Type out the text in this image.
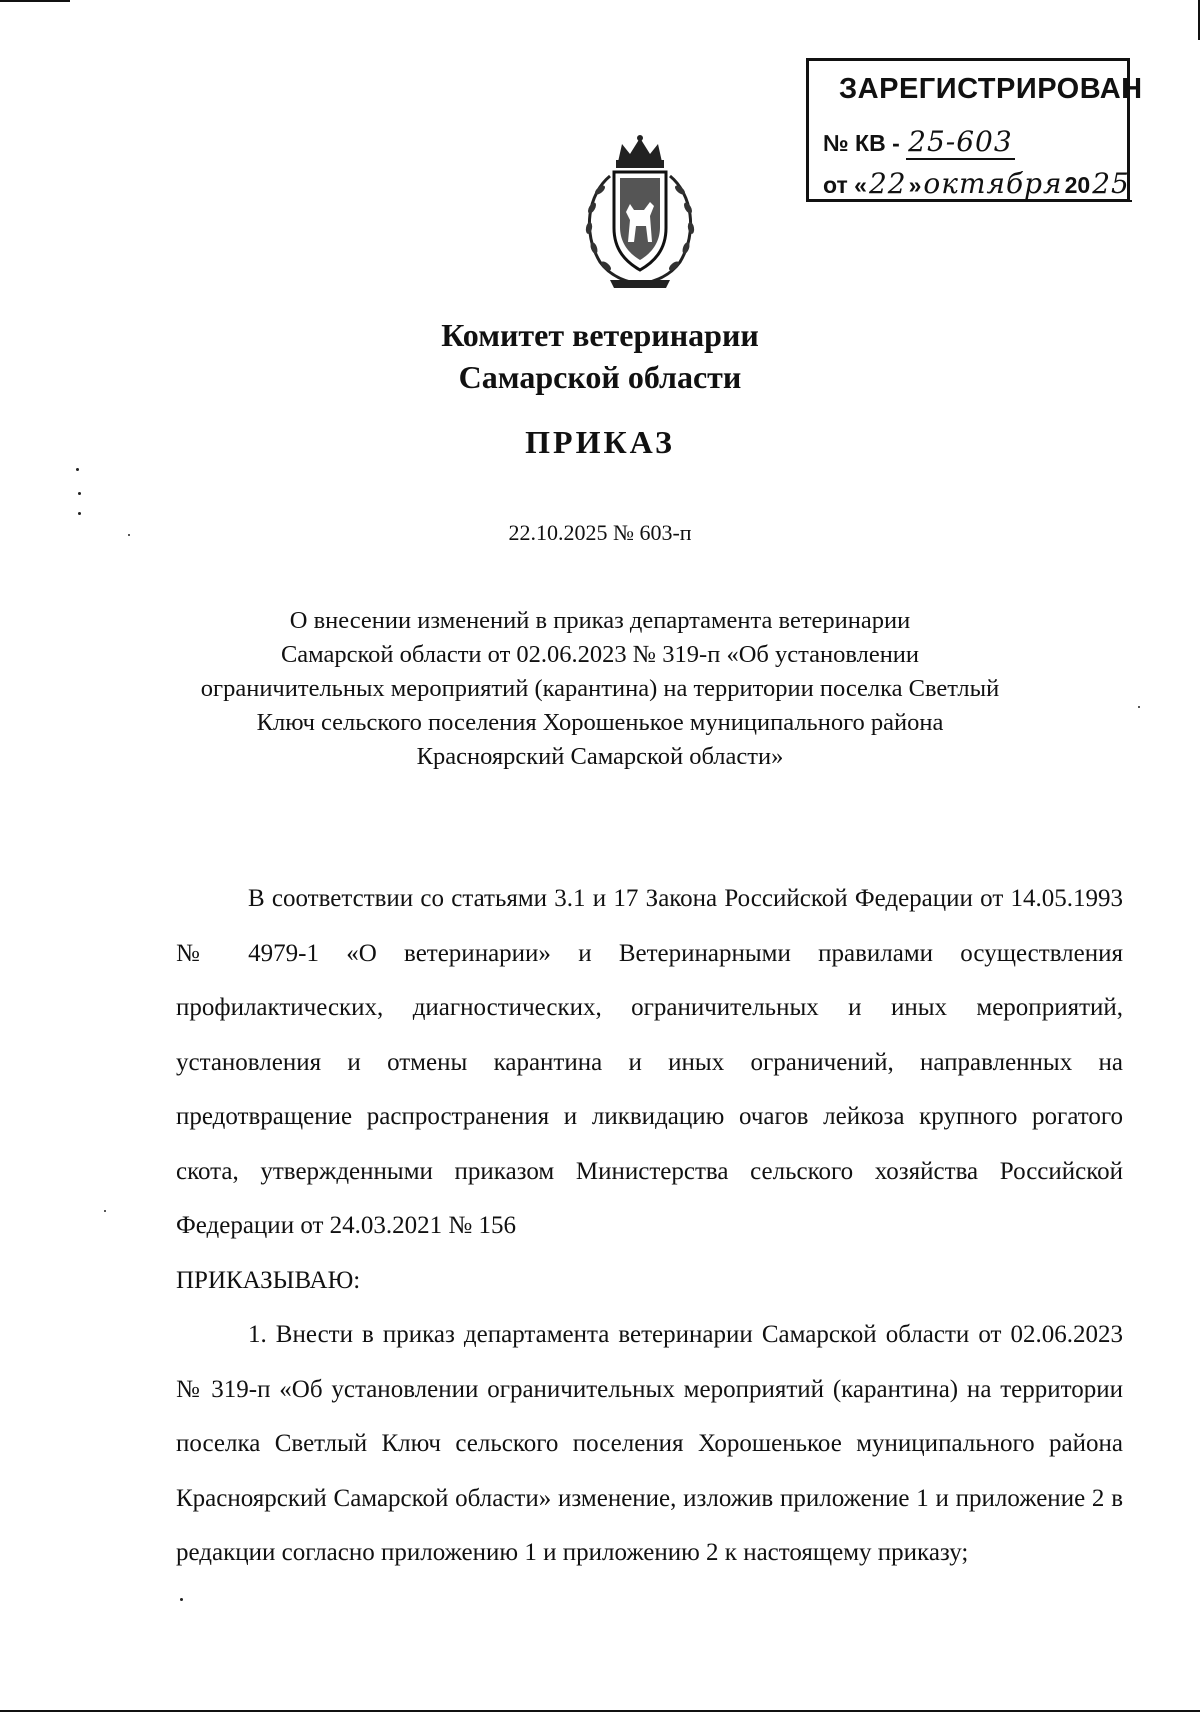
ЗАРЕГИСТРИРОВАН
№ КВ - 25-603
от «22»октября2025
Комитет ветеринарии
Самарской области
ПРИКАЗ
22.10.2025 № 603-п
О внесении изменений в приказ департамента ветеринарии
Самарской области от 02.06.2023 № 319-п «Об установлении
ограничительных мероприятий (карантина) на территории поселка Светлый
Ключ сельского поселения Хорошенькое муниципального района
Красноярский Самарской области»

В соответствии со статьями 3.1 и 17 Закона Российской Федерации от 14.05.1993 № 4979-1 «О ветеринарии» и Ветеринарными правилами осуществления профилактических, диагностических, ограничительных и иных мероприятий, установления и отмены карантина и иных ограничений, направленных на предотвращение распространения и ликвидацию очагов лейкоза крупного рогатого скота, утвержденными приказом Министерства сельского хозяйства Российской Федерации от 24.03.2021 № 156

ПРИКАЗЫВАЮ:

1. Внести в приказ департамента ветеринарии Самарской области от 02.06.2023 № 319-п «Об установлении ограничительных мероприятий (карантина) на территории поселка Светлый Ключ сельского поселения Хорошенькое муниципального района Красноярский Самарской области» изменение, изложив приложение 1 и приложение 2 в редакции согласно приложению 1 и приложению 2 к настоящему приказу;
